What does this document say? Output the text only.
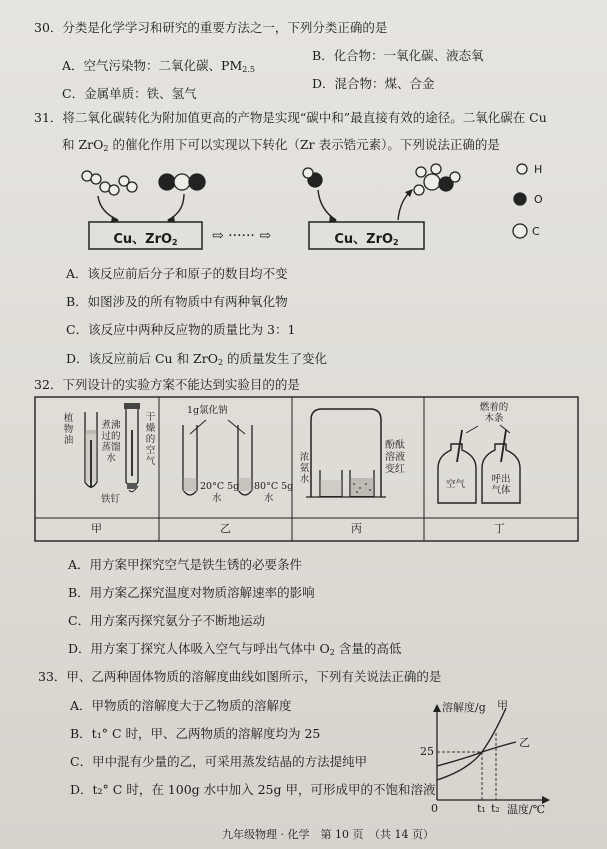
30．分类是化学学习和研究的重要方法之一，下列分类正确的是
A．空气污染物：二氧化碳、$PM_{2.5}$
B．化合物：一氧化碳、液态氧
C．金属单质：铁、氢气
D．混合物：煤、合金
31．将二氧化碳转化为附加值更高的产物是实现“碳中和”最直接有效的途径。二氧化碳在 Cu
和 ZrO$_2$ 的催化作用下可以实现以下转化（Zr 表示锆元素）。下列说法正确的是
Cu、ZrO$_2$	⇨ ······ ⇨	Cu、ZrO$_2$
H
O
C
A．该反应前后分子和原子的数目均不变
B．如图涉及的所有物质中有两种氧化物
C．该反应中两种反应物的质量比为 3：1
D．该反应前后 Cu 和 ZrO$_2$ 的质量发生了变化
32．下列设计的实验方案不能达到实验目的的是
植物油
煮沸过的蒸馏水
干燥的空气
铁钉
甲
1g氯化钠
20°C 5g 80°C 5g
水	水
乙
浓氨水
酚酞溶液变红
丙
燃着的木条
空气	呼出气体
丁
A．用方案甲探究空气是铁生锈的必要条件
B．用方案乙探究温度对物质溶解速率的影响
C．用方案丙探究氨分子不断地运动
D．用方案丁探究人体吸入空气与呼出气体中 $O_2$ 含量的高低
33．甲、乙两种固体物质的溶解度曲线如图所示，下列有关说法正确的是
A．甲物质的溶解度大于乙物质的溶解度
B．t₁° C 时，甲、乙两物质的溶解度均为 25
C．甲中混有少量的乙，可采用蒸发结晶的方法提纯甲
D．t₂° C 时，在 100g 水中加入 25g 甲，可形成甲的不饱和溶液
溶解度/g 甲
乙
25
0	t₁ t₂ 温度/℃
九年级物理 · 化学　第 10 页　（共 14 页）
